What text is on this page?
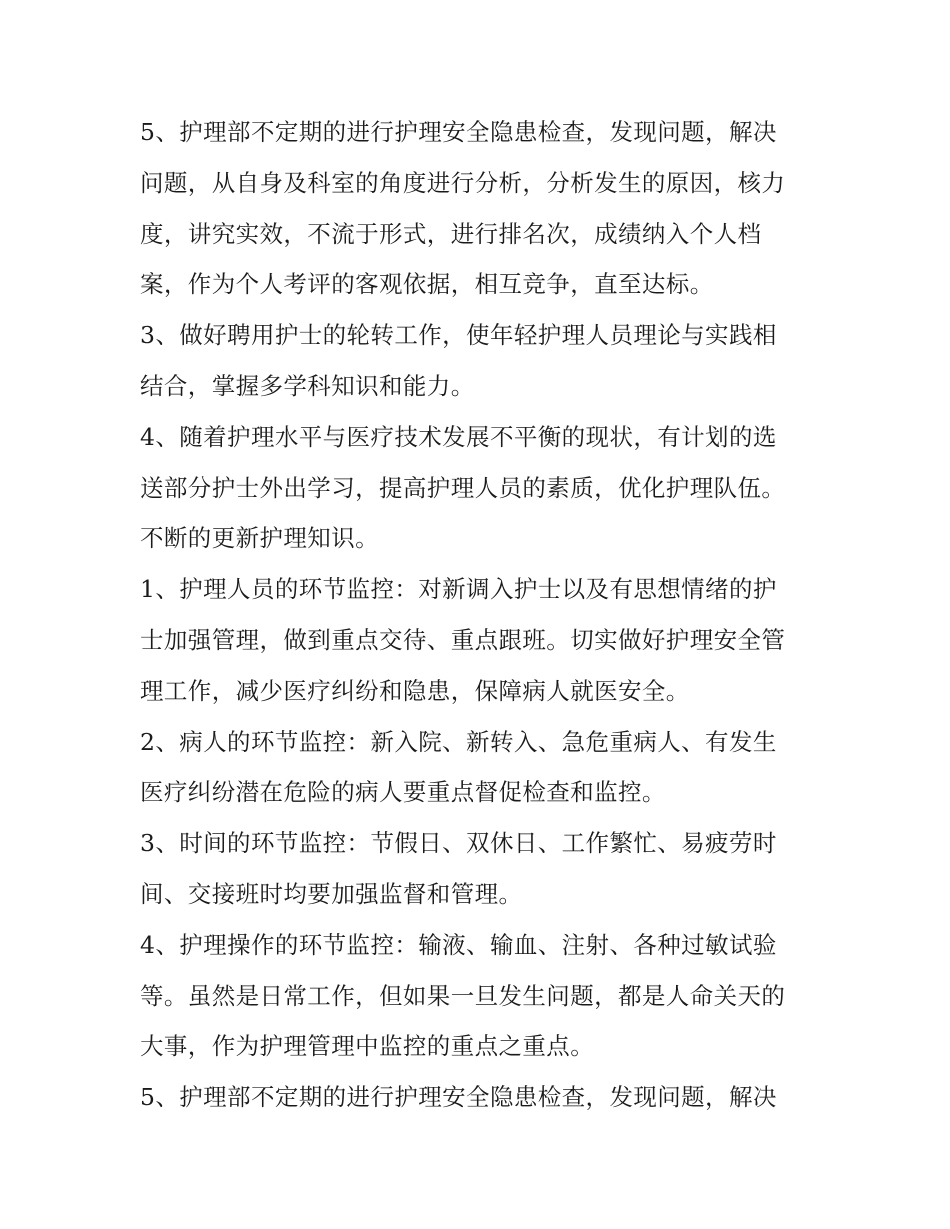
5、护理部不定期的进行护理安全隐患检查，发现问题，解决
问题，从自身及科室的角度进行分析，分析发生的原因，核力
度，讲究实效，不流于形式，进行排名次，成绩纳入个人档
案，作为个人考评的客观依据，相互竞争，直至达标。

3、做好聘用护士的轮转工作，使年轻护理人员理论与实践相
结合，掌握多学科知识和能力。

4、随着护理水平与医疗技术发展不平衡的现状，有计划的选
送部分护士外出学习，提高护理人员的素质，优化护理队伍。
不断的更新护理知识。

1、护理人员的环节监控：对新调入护士以及有思想情绪的护
士加强管理，做到重点交待、重点跟班。切实做好护理安全管
理工作，减少医疗纠纷和隐患，保障病人就医安全。

2、病人的环节监控：新入院、新转入、急危重病人、有发生
医疗纠纷潜在危险的病人要重点督促检查和监控。

3、时间的环节监控：节假日、双休日、工作繁忙、易疲劳时
间、交接班时均要加强监督和管理。

4、护理操作的环节监控：输液、输血、注射、各种过敏试验
等。虽然是日常工作，但如果一旦发生问题，都是人命关天的
大事，作为护理管理中监控的重点之重点。

5、护理部不定期的进行护理安全隐患检查，发现问题，解决
